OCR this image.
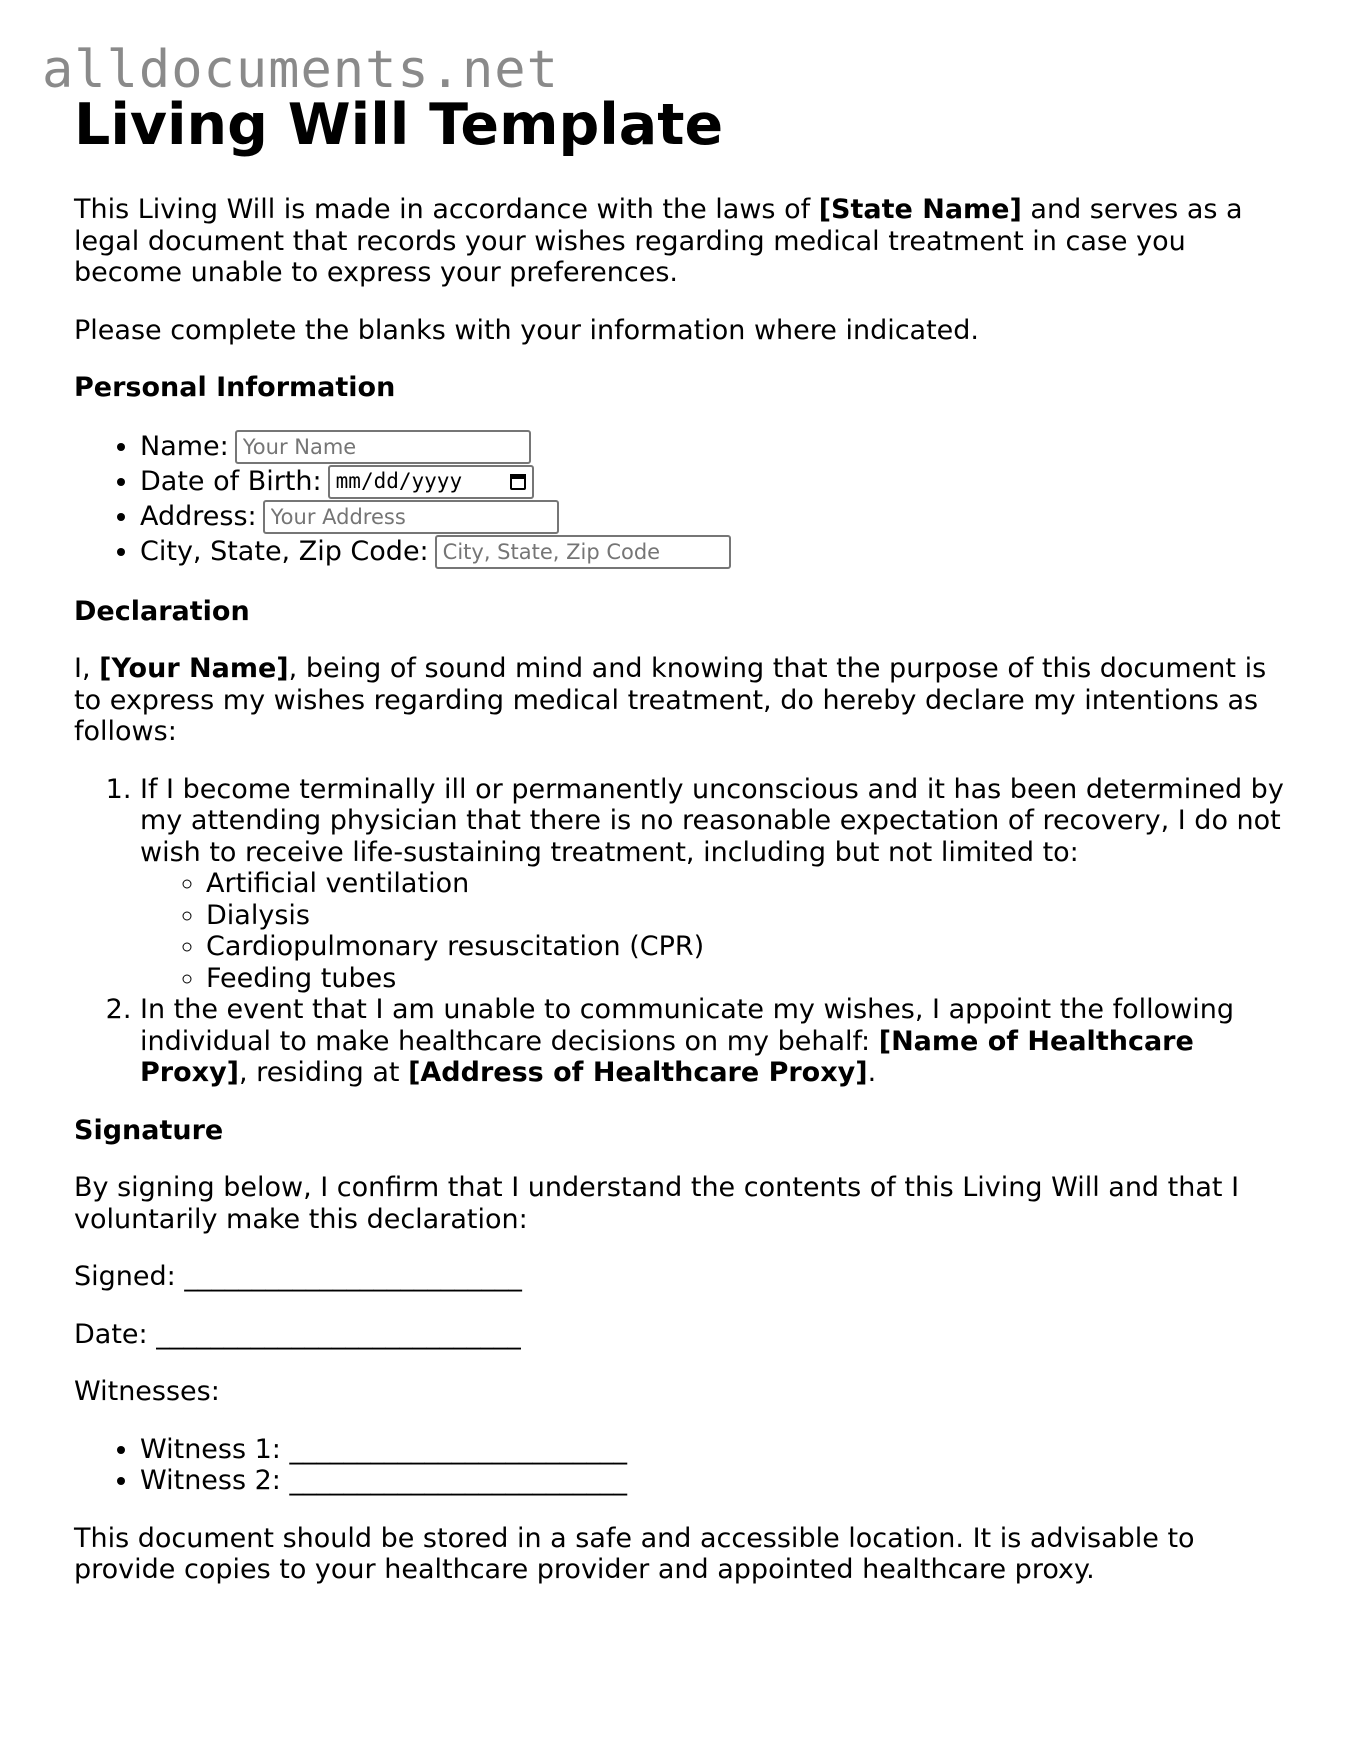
alldocuments.net
Living Will Template

This Living Will is made in accordance with the laws of [State Name] and serves as a legal document that records your wishes regarding medical treatment in case you become unable to express your preferences.

Please complete the blanks with your information where indicated.

Personal Information
• Name:
Your Name
• Date of Birth: mm/dd/yyyy
• Address:
Your Address
• City, State, Zip Code:
City, State, Zip Code
Declaration

I, [Your Name], being of sound mind and knowing that the purpose of this document is to express my wishes regarding medical treatment, do hereby declare my intentions as follows:

1. If I become terminally ill or permanently unconscious and it has been determined by my attending physician that there is no reasonable expectation of recovery, I do not wish to receive life-sustaining treatment, including but not limited to:
◦ Artificial ventilation
◦ Dialysis
◦ Cardiopulmonary resuscitation (CPR)
◦ Feeding tubes
2. In the event that I am unable to communicate my wishes, I appoint the following individual to make healthcare decisions on my behalf: [Name of Healthcare Proxy], residing at [Address of Healthcare Proxy].
Signature

By signing below, I confirm that I understand the contents of this Living Will and that I voluntarily make this declaration:

Signed: _________________________

Date: ___________________________

Witnesses:

• Witness 1: _________________________
• Witness 2: _________________________

This document should be stored in a safe and accessible location. It is advisable to provide copies to your healthcare provider and appointed healthcare proxy.
